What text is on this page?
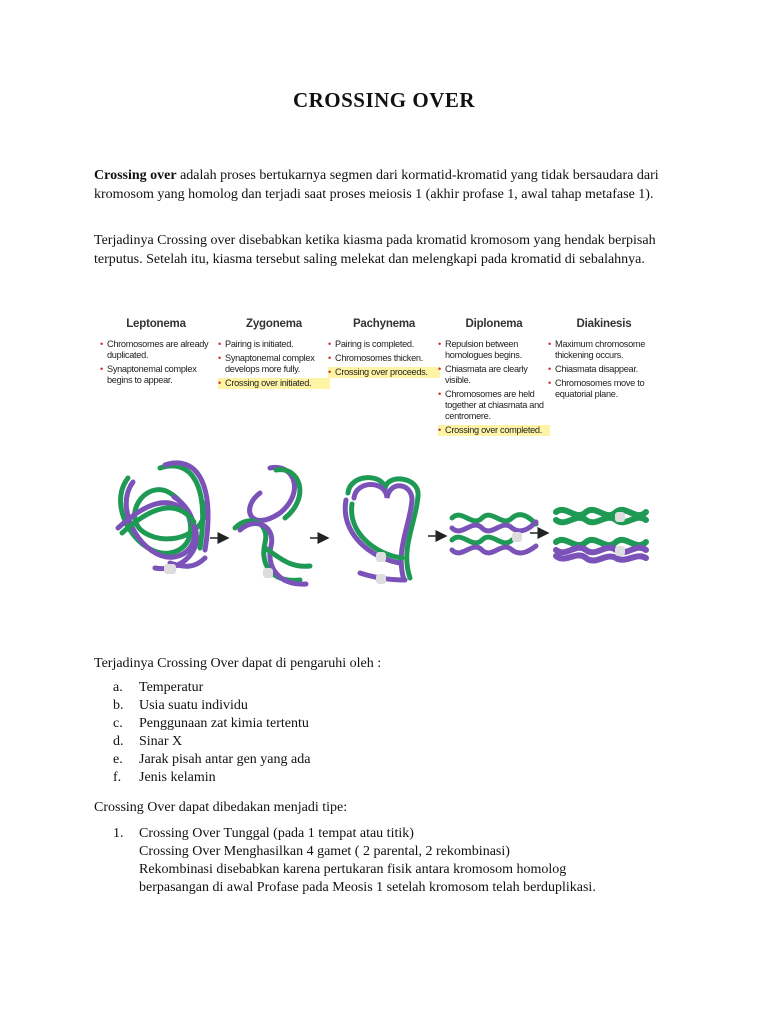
CROSSING OVER

Crossing over adalah proses bertukarnya segmen dari kormatid-kromatid yang tidak bersaudara dari kromosom yang homolog dan terjadi saat proses meiosis 1 (akhir profase 1, awal tahap metafase 1).

Terjadinya Crossing over disebabkan ketika kiasma pada kromatid kromosom yang hendak berpisah terputus. Setelah itu, kiasma tersebut saling melekat dan melengkapi pada kromatid di sebalahnya.

Leptonema
• Chromosomes are already duplicated.
• Synaptonemal complex begins to appear.
Zygonema
• Pairing is initiated.
• Synaptonemal complex develops more fully.
• Crossing over initiated.
Pachynema
• Pairing is completed.
• Chromosomes thicken.
• Crossing over proceeds.
Diplonema
• Repulsion between homologues begins.
• Chiasmata are clearly visible.
• Chromosomes are held together at chiasmata and centromere.
• Crossing over completed.
Diakinesis
• Maximum chromosome thickening occurs.
• Chiasmata disappear.
• Chromosomes move to equatorial plane.

Terjadinya Crossing Over dapat di pengaruhi oleh :

a. Temperatur
b. Usia suatu individu
c. Penggunaan zat kimia tertentu
d. Sinar X
e. Jarak pisah antar gen yang ada
f. Jenis kelamin

Crossing Over dapat dibedakan menjadi tipe:

1. Crossing Over Tunggal (pada 1 tempat atau titik)
Crossing Over Menghasilkan 4 gamet ( 2 parental, 2 rekombinasi)
Rekombinasi disebabkan karena pertukaran fisik antara kromosom homolog
berpasangan di awal Profase pada Meosis 1 setelah kromosom telah berduplikasi.
